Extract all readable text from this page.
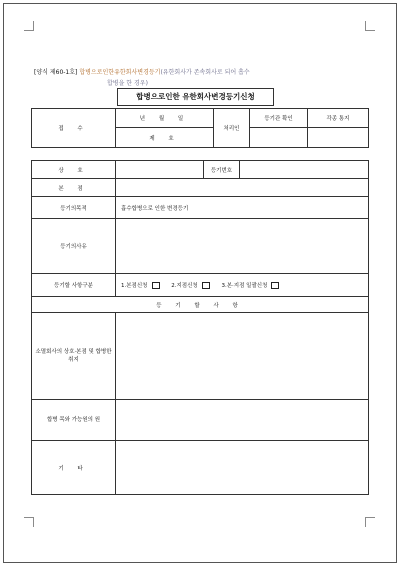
[양식 제60-1호] 합병으로인한유한회사변경등기(유한회사가 존속회사로 되어 흡수
합병을 한 경우)
합병으로인한 유한회사변경등기신청
접 수	년 월 일	처리인	등기관 확인	각종 통지
	제 호			
상 호		등기번호	
본 점			
등기의목적	흡수합병으로 인한 변경등기		
등기의사유			
등기할 사항구분	1.본점신청 2.지점신청 3.본·지점 일괄신청		
등 기 할 사 항			
소멸회사의 상호·본점 및 합병한 취지			
합병 목와 가능원의 원			
기 타			
